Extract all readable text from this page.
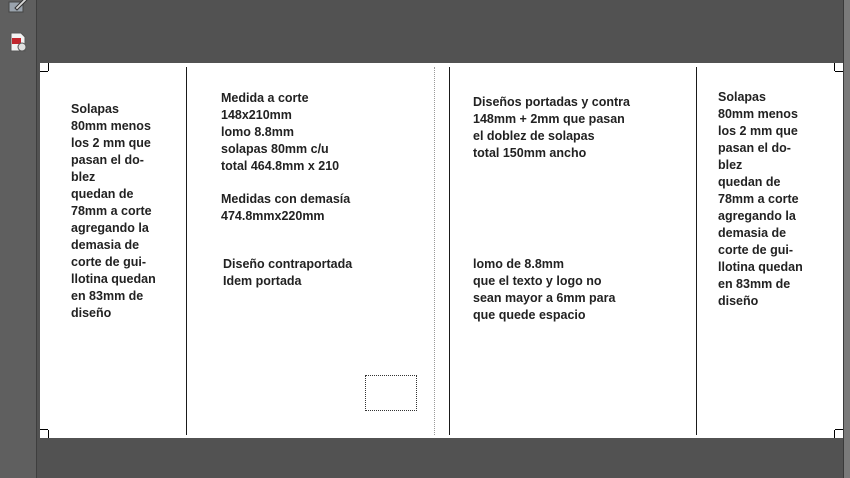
Solapas
80mm menos
los 2 mm que
pasan el do-
blez
quedan de
78mm a corte
agregando la
demasia de
corte de gui-
llotina quedan
en 83mm de
diseño
Medida a corte
148x210mm
lomo 8.8mm
solapas 80mm c/u
total 464.8mm x 210
Medidas con demasía
474.8mmx220mm
Diseño contraportada
Idem portada
Diseños portadas y contra
148mm + 2mm que pasan
el doblez de solapas
total 150mm ancho
lomo de 8.8mm
que el texto y logo no
sean mayor a 6mm para
que quede espacio
Solapas
80mm menos
los 2 mm que
pasan el do-
blez
quedan de
78mm a corte
agregando la
demasia de
corte de gui-
llotina quedan
en 83mm de
diseño
